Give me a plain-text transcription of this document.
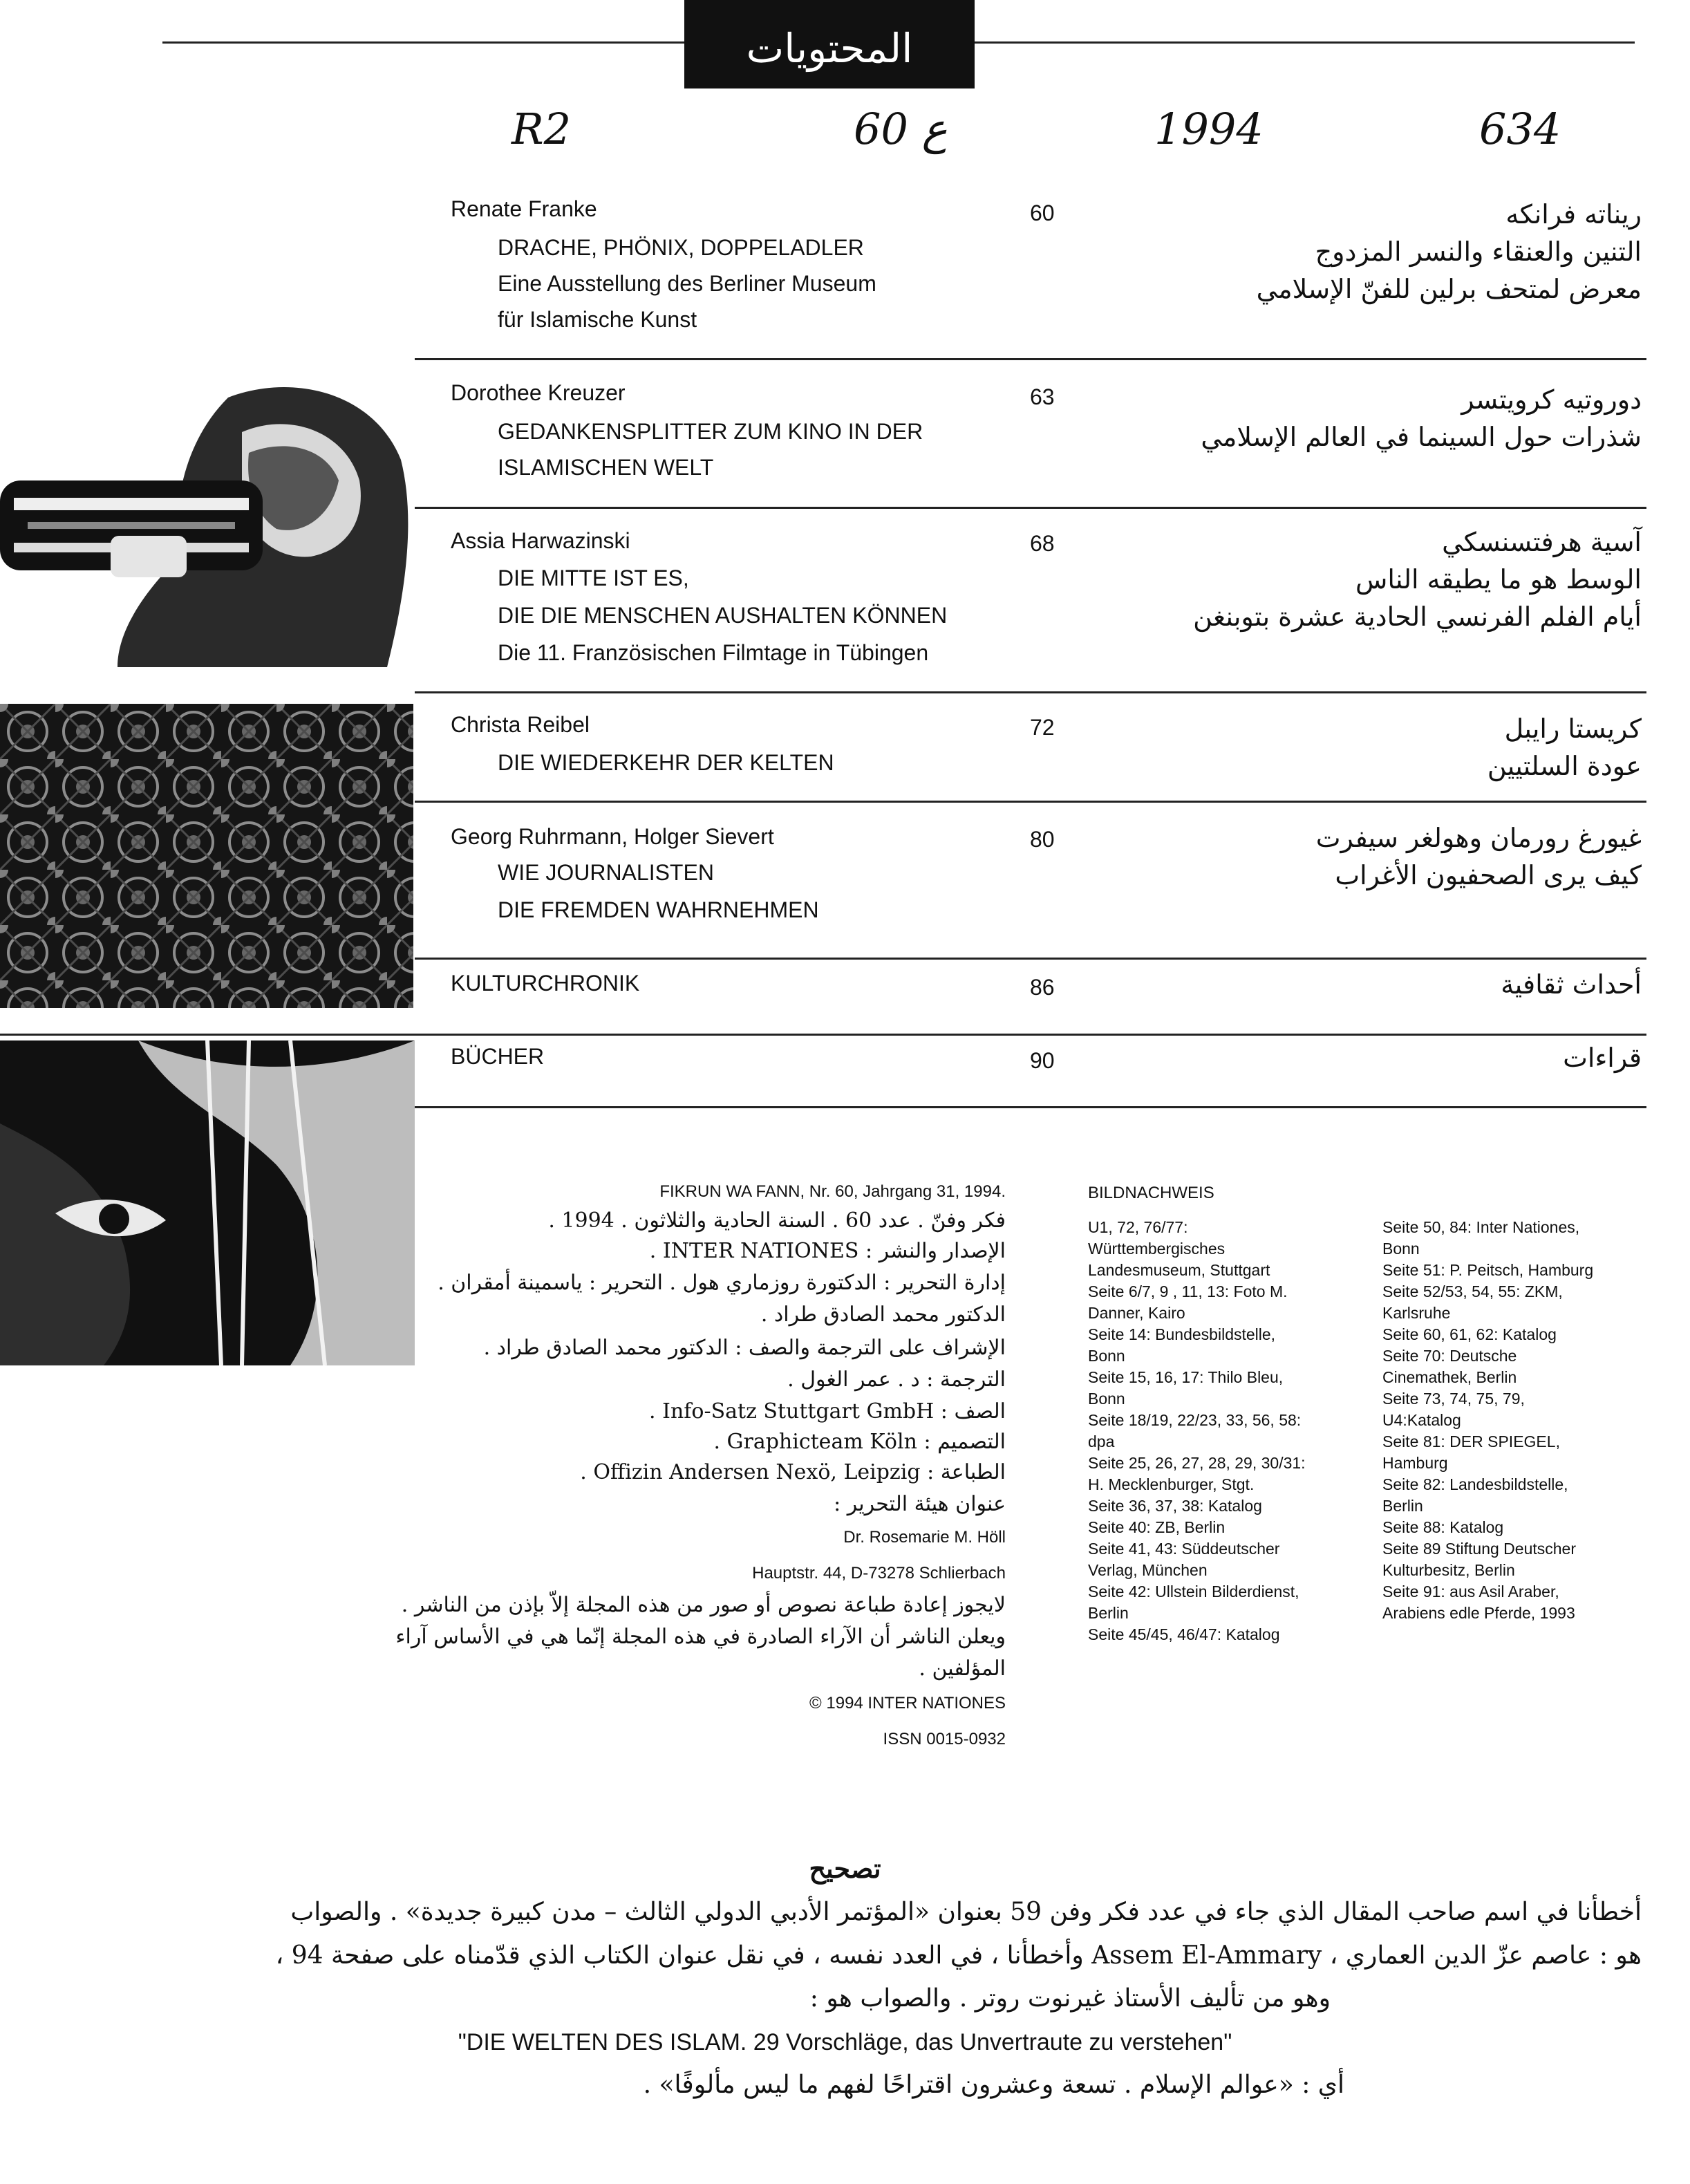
المحتويات
R2	60 ع	1994	634
Renate Franke
DRACHE, PHÖNIX, DOPPELADLER
Eine Ausstellung des Berliner Museum
für Islamische Kunst
60	ريناته فرانكه
التنين والعنقاء والنسر المزدوج
معرض لمتحف برلين للفنّ الإسلامي
Dorothee Kreuzer
GEDANKENSPLITTER ZUM KINO IN DER
ISLAMISCHEN WELT
63	دوروتيه كرويتسر
شذرات حول السينما في العالم الإسلامي
Assia Harwazinski
DIE MITTE IST ES,
DIE DIE MENSCHEN AUSHALTEN KÖNNEN
Die 11. Französischen Filmtage in Tübingen
68	آسية هرفتسنسكي
الوسط هو ما يطيقه الناس
أيام الفلم الفرنسي الحادية عشرة بتوبنغن
Christa Reibel
DIE WIEDERKEHR DER KELTEN
72	كريستا رايبل
عودة السلتيين
Georg Ruhrmann, Holger Sievert
WIE JOURNALISTEN
DIE FREMDEN WAHRNEHMEN
80	غيورغ رورمان وهولغر سيفرت
كيف يرى الصحفيون الأغراب
KULTURCHRONIK	86	أحداث ثقافية
BÜCHER	90	قراءات
FIKRUN WA FANN, Nr. 60, Jahrgang 31, 1994.
فكر وفنّ . عدد 60 . السنة الحادية والثلاثون . 1994 .
الإصدار والنشر : INTER NATIONES .
إدارة التحرير : الدكتورة روزماري هول . التحرير : ياسمينة أمقران .
الدكتور محمد الصادق طراد .
الإشراف على الترجمة والصف : الدكتور محمد الصادق طراد .
الترجمة : د . عمر الغول .
الصف : Info-Satz Stuttgart GmbH .
التصميم : Graphicteam Köln .
الطباعة : Offizin Andersen Nexö, Leipzig .
عنوان هيئة التحرير :
Dr. Rosemarie M. Höll
Hauptstr. 44, D-73278 Schlierbach
لايجوز إعادة طباعة نصوص أو صور من هذه المجلة إلاّ بإذن من الناشر .
ويعلن الناشر أن الآراء الصادرة في هذه المجلة إنّما هي في الأساس آراء
المؤلفين .
© 1994 INTER NATIONES
ISSN 0015-0932
BILDNACHWEIS
U1, 72, 76/77:
Württembergisches
Landesmuseum, Stuttgart
Seite 6/7, 9 , 11, 13: Foto M.
Danner, Kairo
Seite 14: Bundesbildstelle,
Bonn
Seite 15, 16, 17: Thilo Bleu,
Bonn
Seite 18/19, 22/23, 33, 56, 58:
dpa
Seite 25, 26, 27, 28, 29, 30/31:
H. Mecklenburger, Stgt.
Seite 36, 37, 38: Katalog
Seite 40: ZB, Berlin
Seite 41, 43: Süddeutscher
Verlag, München
Seite 42: Ullstein Bilderdienst,
Berlin
Seite 45/45, 46/47: Katalog
Seite 50, 84: Inter Nationes,
Bonn
Seite 51: P. Peitsch, Hamburg
Seite 52/53, 54, 55: ZKM,
Karlsruhe
Seite 60, 61, 62: Katalog
Seite 70: Deutsche
Cinemathek, Berlin
Seite 73, 74, 75, 79,
U4:Katalog
Seite 81: DER SPIEGEL,
Hamburg
Seite 82: Landesbildstelle,
Berlin
Seite 88: Katalog
Seite 89 Stiftung Deutscher
Kulturbesitz, Berlin
Seite 91: aus Asil Araber,
Arabiens edle Pferde, 1993
تصحيح
أخطأنا في اسم صاحب المقال الذي جاء في عدد فكر وفن 59 بعنوان «المؤتمر الأدبي الدولي الثالث – مدن كبيرة جديدة» . والصواب
هو : عاصم عزّ الدين العماري ، Assem El-Ammary وأخطأنا ، في العدد نفسه ، في نقل عنوان الكتاب الذي قدّمناه على صفحة 94 ،
وهو من تأليف الأستاذ غيرنوت روتر . والصواب هو :
"DIE WELTEN DES ISLAM. 29 Vorschläge, das Unvertraute zu verstehen"
أي : «عوالم الإسلام . تسعة وعشرون اقتراحًا لفهم ما ليس مألوفًا» .
